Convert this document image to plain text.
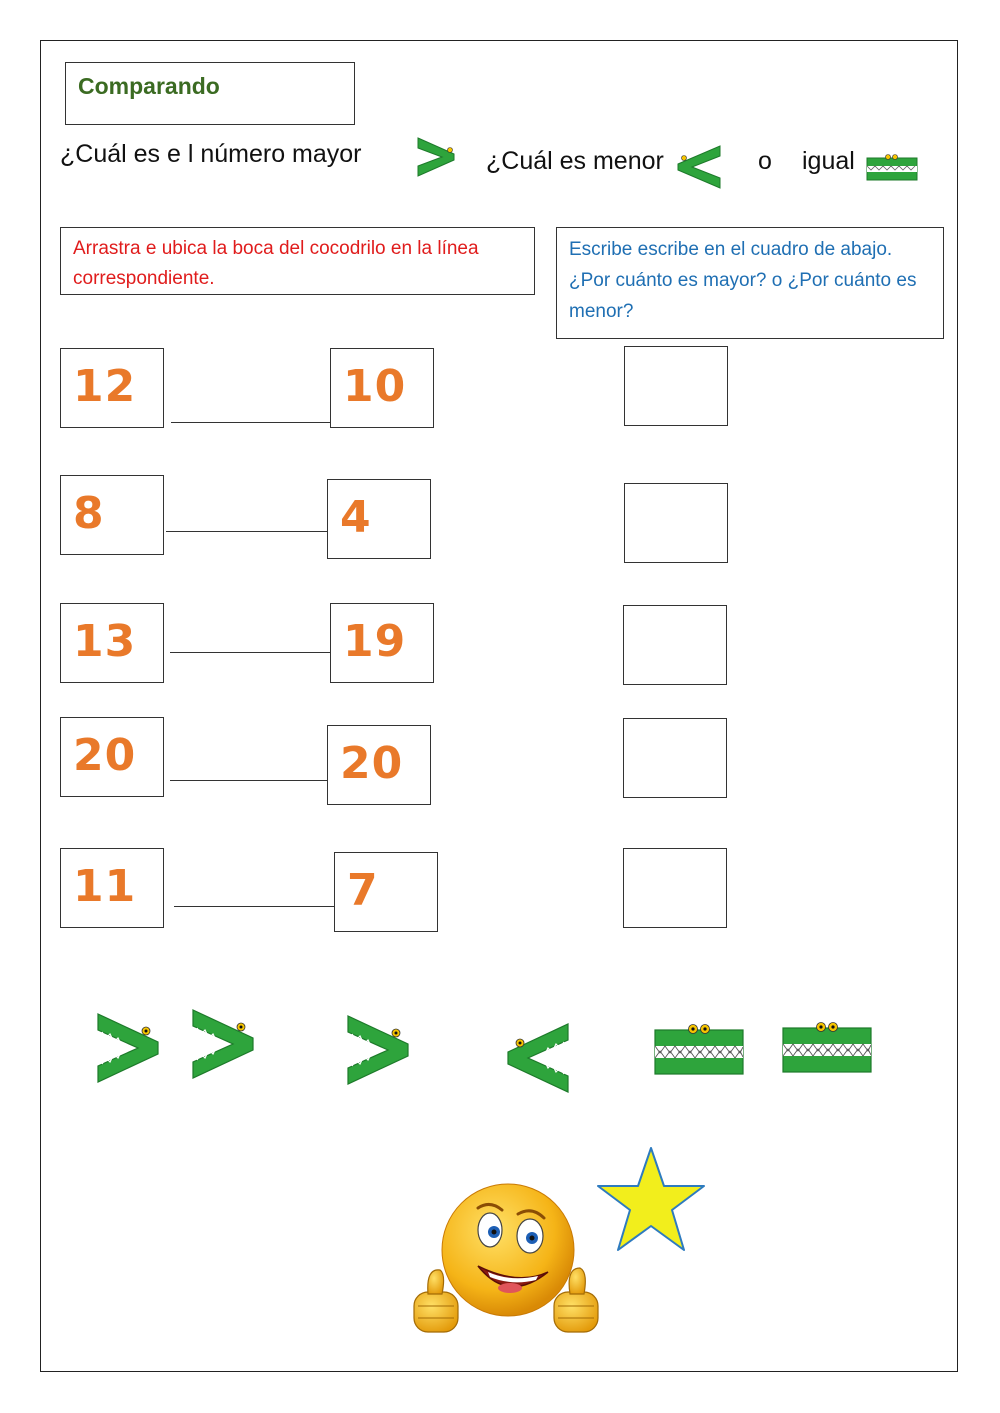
Comparando
¿Cuál es e l número mayor	¿Cuál es menor	o igual
Arrastra e ubica la boca del cocodrilo en la línea correspondiente.
Escribe escribe en el cuadro de abajo. ¿Por cuánto es mayor? o ¿Por cuánto es menor?
12	10
8	4
13	19
20	20
11	7
